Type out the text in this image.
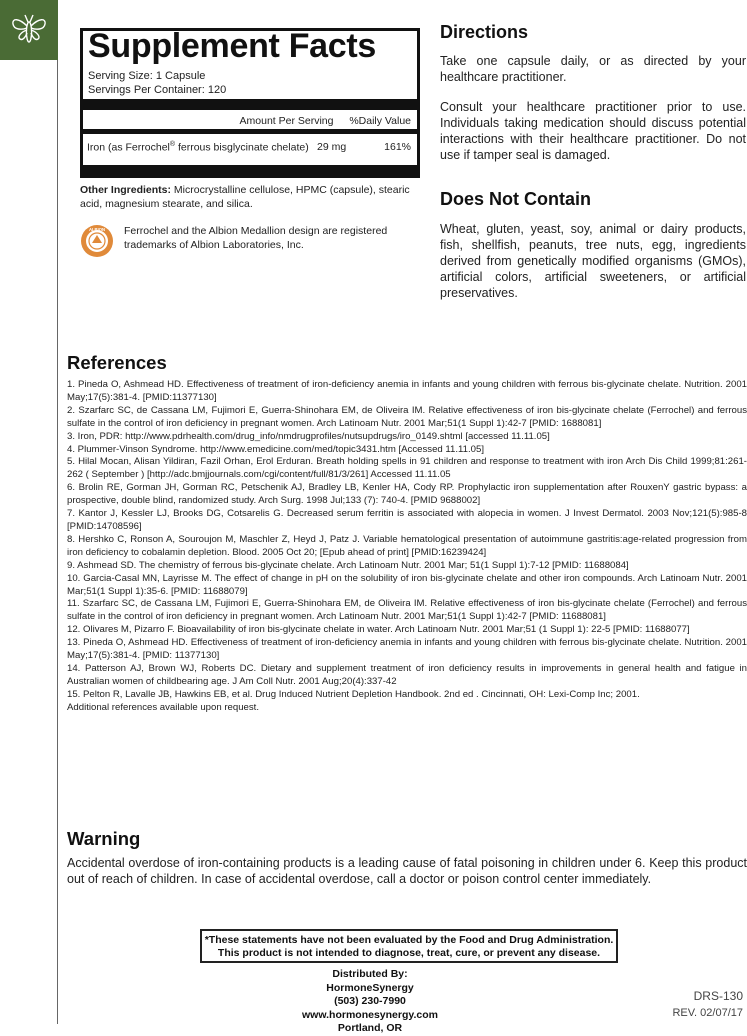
Supplement Facts
Serving Size: 1 Capsule
Servings Per Container: 120
Amount Per Serving %Daily Value
Iron (as Ferrochel® ferrous bisglycinate chelate) 29 mg	161%
Other Ingredients: Microcrystalline cellulose, HPMC (capsule), stearic acid, magnesium stearate, and silica.
ALBION Ferrochel and the Albion Medallion design are registered trademarks of Albion Laboratories, Inc.
Directions
Take one capsule daily, or as directed by your healthcare practitioner.
Consult your healthcare practitioner prior to use. Individuals taking medication should discuss potential interactions with their healthcare practitioner. Do not use if tamper seal is damaged.
Does Not Contain
Wheat, gluten, yeast, soy, animal or dairy products, fish, shellfish, peanuts, tree nuts, egg, ingredients derived from genetically modified organisms (GMOs), artificial colors, artificial sweeteners, or artificial preservatives.
References
1. Pineda O, Ashmead HD. Effectiveness of treatment of iron-deficiency anemia in infants and young children with ferrous bis-glycinate chelate. Nutrition. 2001 May;17(5):381-4. [PMID:11377130]
2. Szarfarc SC, de Cassana LM, Fujimori E, Guerra-Shinohara EM, de Oliveira IM. Relative effectiveness of iron bis-glycinate chelate (Ferrochel) and ferrous sulfate in the control of iron deficiency in pregnant women. Arch Latinoam Nutr. 2001 Mar;51(1 Suppl 1):42-7 [PMID: 1688081]
3. Iron, PDR: http://www.pdrhealth.com/drug_info/nmdrugprofiles/nutsupdrugs/iro_0149.shtml [accessed 11.11.05]
4. Plummer-Vinson Syndrome. http://www.emedicine.com/med/topic3431.htm [Accessed 11.11.05]
5. Hilal Mocan, Alisan Yildiran, Fazil Orhan, Erol Erduran. Breath holding spells in 91 children and response to treatment with iron Arch Dis Child 1999;81:261-262 ( September ) [http://adc.bmjjournals.com/cgi/content/full/81/3/261] Accessed 11.11.05
6. Brolin RE, Gorman JH, Gorman RC, Petschenik AJ, Bradley LB, Kenler HA, Cody RP. Prophylactic iron supplementation after RouxenY gastric bypass: a prospective, double blind, randomized study. Arch Surg. 1998 Jul;133 (7): 740-4. [PMID 9688002]
7. Kantor J, Kessler LJ, Brooks DG, Cotsarelis G. Decreased serum ferritin is associated with alopecia in women. J Invest Dermatol. 2003 Nov;121(5):985-8 [PMID:14708596]
8. Hershko C, Ronson A, Souroujon M, Maschler Z, Heyd J, Patz J. Variable hematological presentation of autoimmune gastritis:age-related progression from iron deficiency to cobalamin depletion. Blood. 2005 Oct 20; [Epub ahead of print] [PMID:16239424]
9. Ashmead SD. The chemistry of ferrous bis-glycinate chelate. Arch Latinoam Nutr. 2001 Mar; 51(1 Suppl 1):7-12 [PMID: 11688084]
10. Garcia-Casal MN, Layrisse M. The effect of change in pH on the solubility of iron bis-glycinate chelate and other iron compounds. Arch Latinoam Nutr. 2001 Mar;51(1 Suppl 1):35-6. [PMID: 11688079]
11. Szarfarc SC, de Cassana LM, Fujimori E, Guerra-Shinohara EM, de Oliveira IM. Relative effectiveness of iron bis-glycinate chelate (Ferrochel) and ferrous sulfate in the control of iron deficiency in pregnant women. Arch Latinoam Nutr. 2001 Mar;51(1 Suppl 1):42-7 [PMID: 11688081]
12. Olivares M, Pizarro F. Bioavailability of iron bis-glycinate chelate in water. Arch Latinoam Nutr. 2001 Mar;51 (1 Suppl 1): 22-5 [PMID: 11688077]
13. Pineda O, Ashmead HD. Effectiveness of treatment of iron-deficiency anemia in infants and young children with ferrous bis-glycinate chelate. Nutrition. 2001 May;17(5):381-4. [PMID: 11377130]
14. Patterson AJ, Brown WJ, Roberts DC. Dietary and supplement treatment of iron deficiency results in improvements in general health and fatigue in Australian women of childbearing age. J Am Coll Nutr. 2001 Aug;20(4):337-42
15. Pelton R, Lavalle JB, Hawkins EB, et al. Drug Induced Nutrient Depletion Handbook. 2nd ed . Cincinnati, OH: Lexi-Comp Inc; 2001.
Additional references available upon request.
Warning
Accidental overdose of iron-containing products is a leading cause of fatal poisoning in children under 6. Keep this product out of reach of children. In case of accidental overdose, call a doctor or poison control center immediately.
*These statements have not been evaluated by the Food and Drug Administration.
This product is not intended to diagnose, treat, cure, or prevent any disease.
Distributed By: HormoneSynergy
(503) 230-7990
www.hormonesynergy.com
Portland, OR
DRS-130
REV. 02/07/17
